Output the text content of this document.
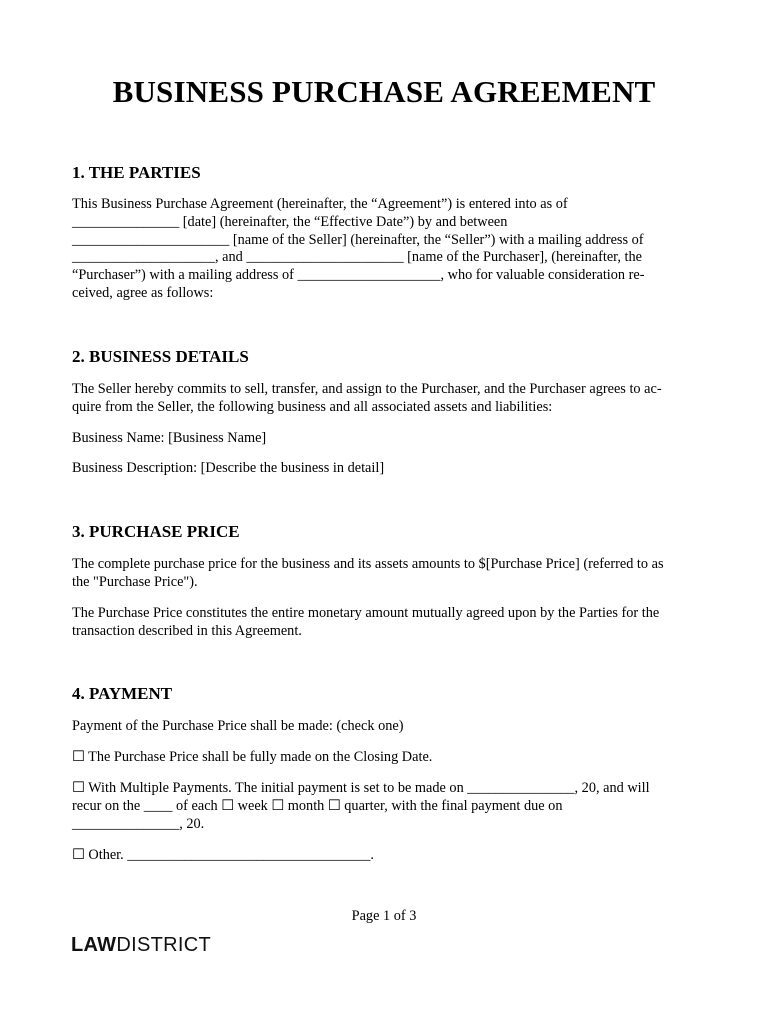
BUSINESS PURCHASE AGREEMENT
1. THE PARTIES

This Business Purchase Agreement (hereinafter, the “Agreement”) is entered into as of
_______________ [date] (hereinafter, the “Effective Date”) by and between
______________________ [name of the Seller] (hereinafter, the “Seller”) with a mailing address of
____________________, and ______________________ [name of the Purchaser], (hereinafter, the
“Purchaser”) with a mailing address of ____________________, who for valuable consideration re-
ceived, agree as follows:

2. BUSINESS DETAILS

The Seller hereby commits to sell, transfer, and assign to the Purchaser, and the Purchaser agrees to ac-
quire from the Seller, the following business and all associated assets and liabilities:

Business Name: [Business Name]

Business Description: [Describe the business in detail]

3. PURCHASE PRICE

The complete purchase price for the business and its assets amounts to $[Purchase Price] (referred to as
the "Purchase Price").

The Purchase Price constitutes the entire monetary amount mutually agreed upon by the Parties for the
transaction described in this Agreement.

4. PAYMENT

Payment of the Purchase Price shall be made: (check one)

☐ The Purchase Price shall be fully made on the Closing Date.

☐ With Multiple Payments. The initial payment is set to be made on _______________, 20, and will
recur on the ____ of each ☐ week ☐ month ☐ quarter, with the final payment due on
_______________, 20.

☐ Other. __________________________________.

Page 1 of 3

LAWDISTRICT
